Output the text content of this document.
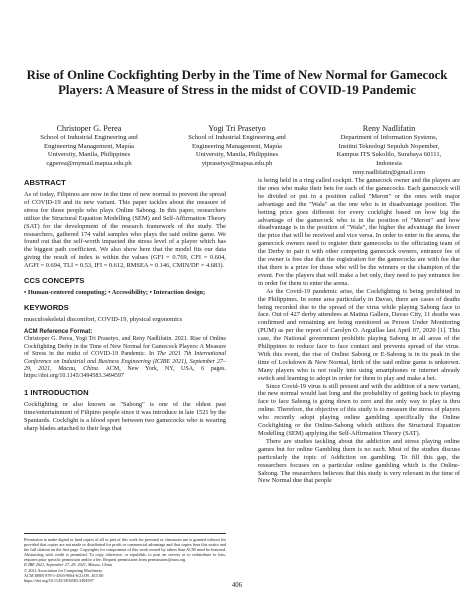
Rise of Online Cockfighting Derby in the Time of New Normal for Gamecock Players: A Measure of Stress in the midst of COVID-19 Pandemic
Christoper G. Perea
School of Industrial Engineering and
Engineering Management, Mapúa
University, Manila, Philippines
cgperea@mymail.mapua.edu.ph
Yogi Tri Prasetyo
School of Industrial Engineering and
Engineering Management, Mapúa
University, Manila, Philippines
ytprasetyo@mapua.edu.ph
Reny Nadlifatin
Department of Information Systems,
Institut Teknologi Sepuluh Nopember,
Kampus ITS Sukolilo, Surabaya 60111,
Indonesia
reny.nadlifatin@gmail.com
ABSTRACT

As of today, Filipinos are now in the time of new normal to prevent the spread of COVID-19 and its new variant. This paper tackles about the measure of stress for those people who plays Online Sabong. In this paper, researchers utilize the Structural Equation Modelling (SEM) and Self-Affirmation Theory (SAT) for the development of the research framework of the study. The researchers, gathered 174 valid samples who plays the said online game. We found out that the self-worth impacted the stress level of a player which has the biggest path coefficient. We also show here that the model fits our data giving the result of index is within the values (GFI = 0.769, CFI = 0.604, AGFI = 0.694, TLI = 0.53, IFI = 0.612, RMSEA = 0.146, CMIN/DF = 4.683).

CCS CONCEPTS

• Human-centered computing; • Accessibility; • Interaction design;

KEYWORDS

musculoskeletal discomfort, COVID-19, physical ergonomics

ACM Reference Format:

Christoper G. Perea, Yogi Tri Prasetyo, and Reny Nadlifatin. 2021. Rise of Online Cockfighting Derby in the Time of New Normal for Gamecock Players: A Measure of Stress in the midst of COVID-19 Pandemic. In The 2021 7th International Conference on Industrial and Business Engineering (ICIBE 2021), September 27–29, 2021, Macau, China. ACM, New York, NY, USA, 6 pages. https://doi.org/10.1145/3494583.3494597

1 INTRODUCTION

Cockfighting or also known as "Sabong" is one of the oldest past time/entertainment of Filipino people since it was introduce in late 1521 by the Spaniards. Cockfight is a blood sport between two gamecocks who is wearing sharp blades attached to their legs that

Permission to make digital or hard copies of all or part of this work for personal or classroom use is granted without fee provided that copies are not made or distributed for profit or commercial advantage and that copies bear this notice and the full citation on the first page. Copyrights for components of this work owned by others than ACM must be honored. Abstracting with credit is permitted. To copy otherwise, or republish, to post on servers or to redistribute to lists, requires prior specific permission and/or a fee. Request permissions from permissions@acm.org.

ICIBE 2021, September 27–29, 2021, Macau, China

© 2021 Association for Computing Machinery.

ACM ISBN 978-1-4503-9064-6/21/09...$15.00

https://doi.org/10.1145/3494583.3494597

is being held in a ring called cockpit. The gamecock owner and the players are the ones who make their bets for each of the gamecocks. Each gamecock will be divided or put in a position called "Meron" or the ones with major advantage and the "Wala" as the one who is in disadvantage position. The betting price goes different for every cockfight based on how big the advantage of the gamecock who is in the position of "Meron" and how disadvantage is in the position of "Wala", the higher the advantage the lower the price that will be received and vice versa. In order to enter in the arena, the gamecock owners need to register their gamecocks to the officiating team of the Derby to pair it with other competing gamecock owners, entrance fee of the owner is free due that the registration for the gamecocks are with fee due that there is a prize for those who will be the winners or the champion of the event. For the players that will make a bet only, they need to pay entrance fee in order for them to enter the arena.

As the Covid-19 pandemic arise, the Cockfighting is being prohibited in the Philippines. In some area particularly in Davao, there are cases of deaths being recorded due to the spread of the virus while playing Sabong face to face. Out of 427 derby attendees at Matina Gallera, Davao City, 11 deaths was confirmed and remaining are being monitored as Person Under Monitoring (PUM) as per the report of Carolyn O. Arguillas last April 07, 2020 [1]. This case, the National government prohibits playing Sabong in all areas of the Philippines to reduce face to face contact and prevents spread of the virus. With this event, the rise of Online Sabong or E-Sabong is in its peak in the time of Lockdown & New Normal, birth of the said online game is unknown. Many players who is not really into using smartphones or internet already switch and learning to adopt in order for them to play and make a bet.

Since Covid-19 virus is still present and with the addition of a new variant, the new normal would last long and the probability of getting back to playing face to face Sabong is going down to zero and the only way to play is thru online. Therefore, the objective of this study is to measure the stress of players who recently adopt playing online gambling specifically the Online Cockfighting or the Online-Sabong which utilizes the Structural Equation Modelling (SEM) applying the Self-Affirmation Theory (SAT).

There are studies tackling about the addiction and stress playing online games but for online Gambling there is no such. Most of the studies discuss particularly the topic of Addiction on gambling. To fill this gap, the researchers focuses on a particular online gambling which is the Online-Sabong. The researchers believes that this study is very relevant in the time of New Normal due that people

406
